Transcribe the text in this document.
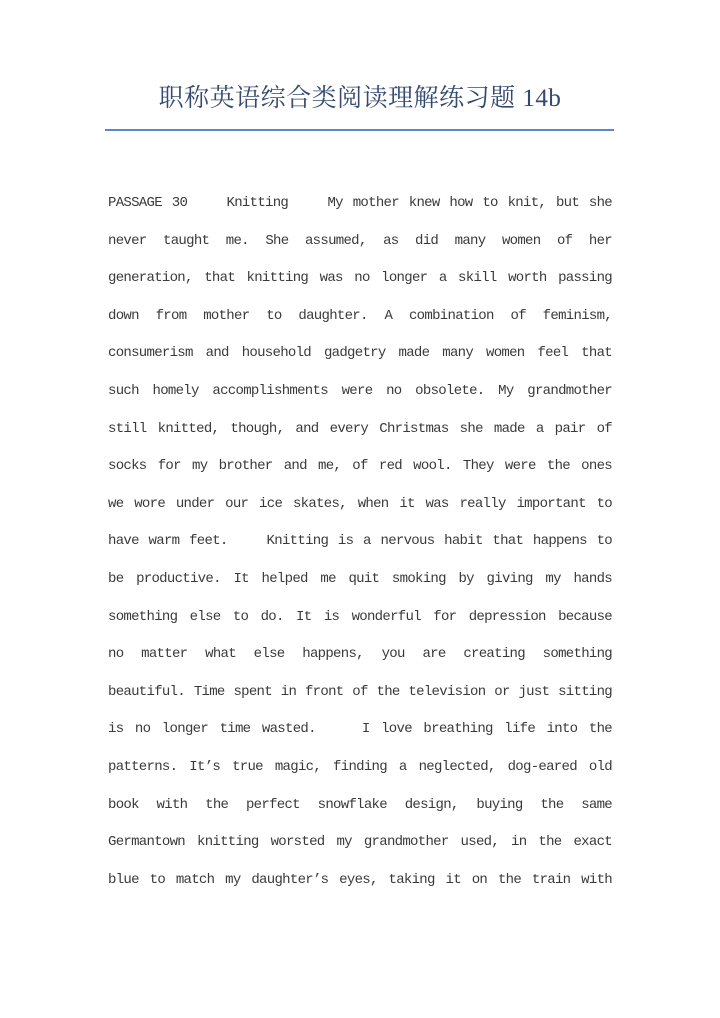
职称英语综合类阅读理解练习题 14b
PASSAGE 30    Knitting    My mother knew how to knit, but she
never taught me. She assumed, as did many women of her
generation, that knitting was no longer a skill worth passing
down from mother to daughter. A combination of feminism,
consumerism and household gadgetry made many women feel that
such homely accomplishments were no obsolete. My grandmother
still knitted, though, and every Christmas she made a pair of
socks for my brother and me, of red wool. They were the ones
we wore under our ice skates, when it was really important to
have warm feet.    Knitting is a nervous habit that happens to
be productive. It helped me quit smoking by giving my hands
something else to do. It is wonderful for depression because
no matter what else happens, you are creating something
beautiful. Time spent in front of the television or just sitting
is no longer time wasted.    I love breathing life into the
patterns. It’s true magic, finding a neglected, dog-eared old
book with the perfect snowflake design, buying the same
Germantown knitting worsted my grandmother used, in the exact
blue to match my daughter’s eyes, taking it on the train with
